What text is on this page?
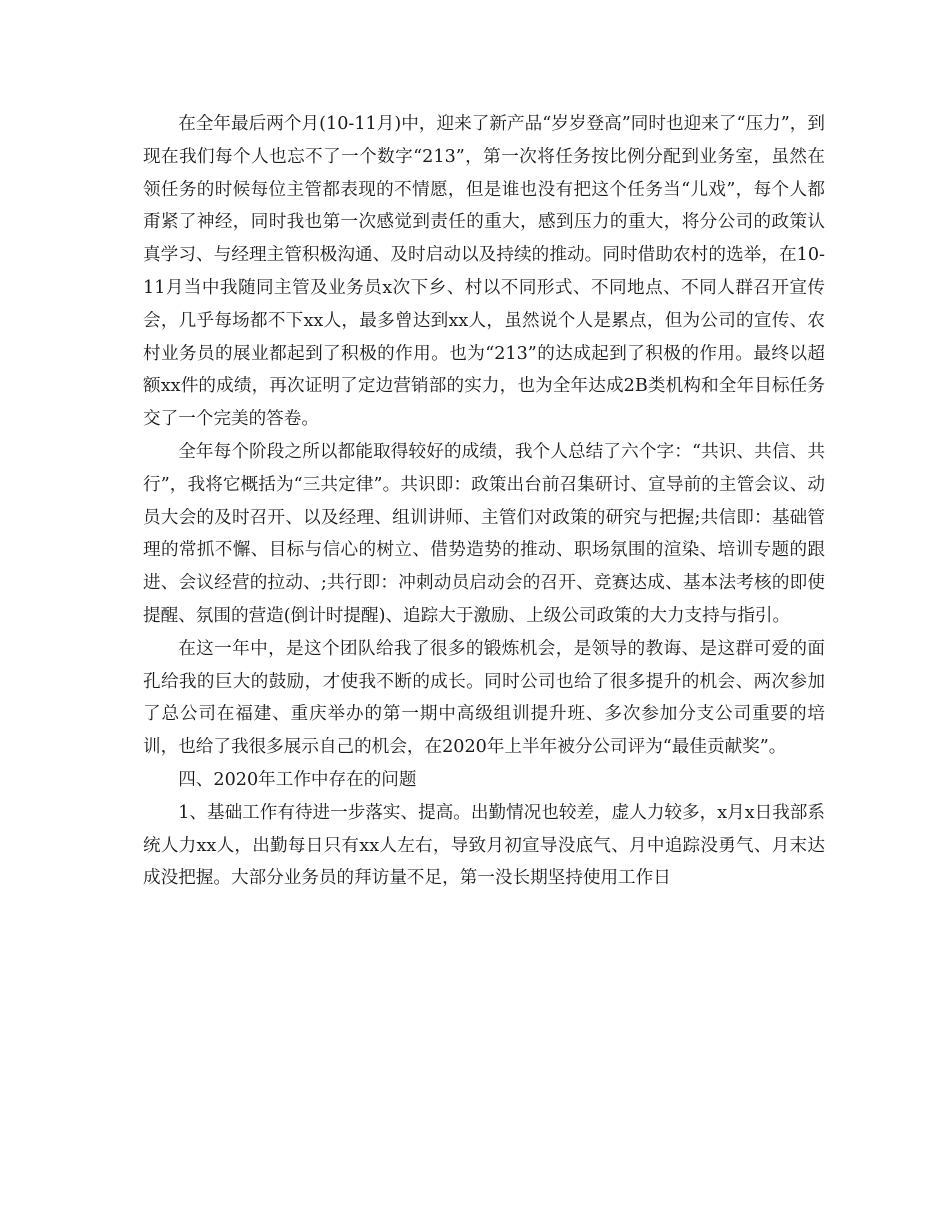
在全年最后两个月(10-11月)中，迎来了新产品“岁岁登高”同时也迎来了“压力”，到现在我们每个人也忘不了一个数字“213”，第一次将任务按比例分配到业务室，虽然在领任务的时候每位主管都表现的不情愿，但是谁也没有把这个任务当“儿戏”，每个人都甭紧了神经，同时我也第一次感觉到责任的重大，感到压力的重大，将分公司的政策认真学习、与经理主管积极沟通、及时启动以及持续的推动。同时借助农村的选举，在10-11月当中我随同主管及业务员x次下乡、村以不同形式、不同地点、不同人群召开宣传会，几乎每场都不下xx人，最多曾达到xx人，虽然说个人是累点，但为公司的宣传、农村业务员的展业都起到了积极的作用。也为“213”的达成起到了积极的作用。最终以超额xx件的成绩，再次证明了定边营销部的实力，也为全年达成2B类机构和全年目标任务交了一个完美的答卷。

全年每个阶段之所以都能取得较好的成绩，我个人总结了六个字：“共识、共信、共行”，我将它概括为“三共定律”。共识即：政策出台前召集研讨、宣导前的主管会议、动员大会的及时召开、以及经理、组训讲师、主管们对政策的研究与把握;共信即：基础管理的常抓不懈、目标与信心的树立、借势造势的推动、职场氛围的渲染、培训专题的跟进、会议经营的拉动、;共行即：冲刺动员启动会的召开、竞赛达成、基本法考核的即使提醒、氛围的营造(倒计时提醒)、追踪大于激励、上级公司政策的大力支持与指引。

在这一年中，是这个团队给我了很多的锻炼机会，是领导的教诲、是这群可爱的面孔给我的巨大的鼓励，才使我不断的成长。同时公司也给了很多提升的机会、两次参加了总公司在福建、重庆举办的第一期中高级组训提升班、多次参加分支公司重要的培训，也给了我很多展示自己的机会，在2020年上半年被分公司评为“最佳贡献奖”。

四、2020年工作中存在的问题

1、基础工作有待进一步落实、提高。出勤情况也较差，虚人力较多，x月x日我部系统人力xx人，出勤每日只有xx人左右，导致月初宣导没底气、月中追踪没勇气、月末达成没把握。大部分业务员的拜访量不足，第一没长期坚持使用工作日
